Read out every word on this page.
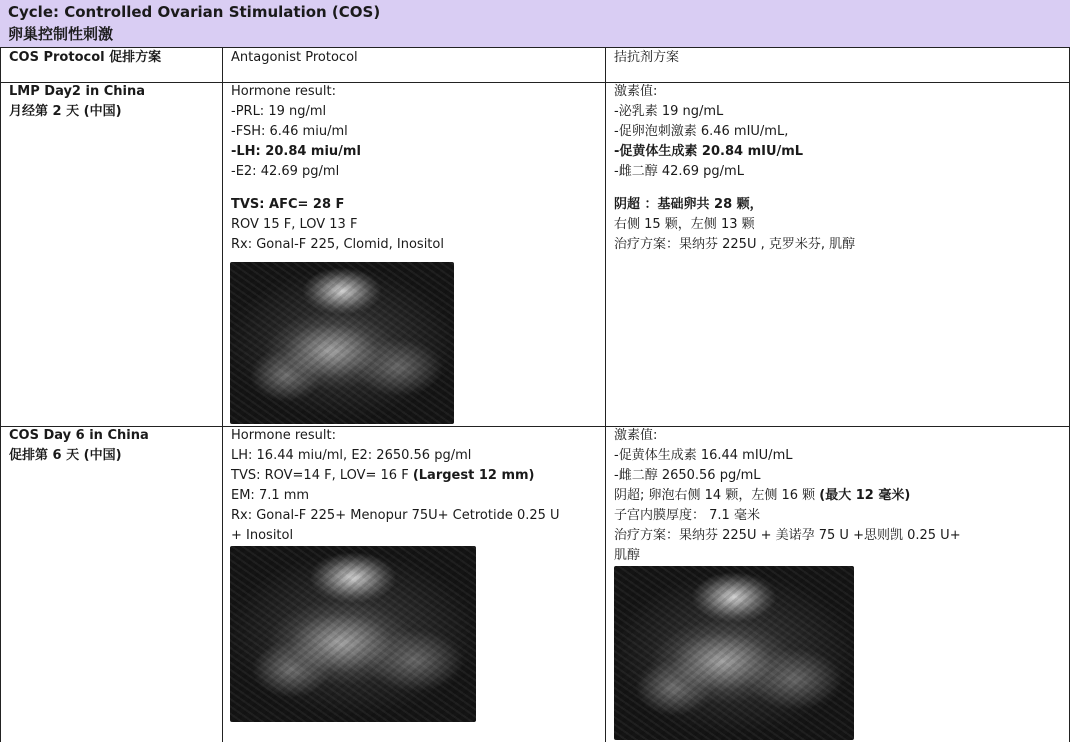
Cycle: Controlled Ovarian Stimulation (COS)
卵巢控制性刺激
COS Protocol 促排方案	Antagonist Protocol	拮抗剂方案

LMP Day2 in China

月经第 2 天 (中国)

Hormone result:

-PRL: 19 ng/ml

-FSH: 6.46 miu/ml

-LH: 20.84 miu/ml

-E2: 42.69 pg/ml

TVS: AFC= 28 F

ROV 15 F, LOV 13 F

Rx: Gonal-F 225, Clomid, Inositol

激素值:

-泌乳素 19 ng/mL

-促卵泡刺激素 6.46 mIU/mL,

-促黄体生成素 20.84 mIU/mL

-雌二醇 42.69 pg/mL

阴超 ：基础卵共 28 颗，

右侧 15 颗，左侧 13 颗

治疗方案：果纳芬 225U , 克罗米芬, 肌醇

COS Day 6 in China

促排第 6 天 (中国)

Hormone result:

LH: 16.44 miu/ml, E2: 2650.56 pg/ml

TVS: ROV=14 F, LOV= 16 F (Largest 12 mm)

EM: 7.1 mm

Rx: Gonal-F 225+ Menopur 75U+ Cetrotide 0.25 U

+ Inositol

激素值:

-促黄体生成素 16.44 mIU/mL

-雌二醇 2650.56 pg/mL

阴超; 卵泡右侧 14 颗，左侧 16 颗 (最大 12 毫米)

子宫内膜厚度： 7.1 毫米

治疗方案：果纳芬 225U + 美诺孕 75 U +思则凯 0.25 U+

肌醇
